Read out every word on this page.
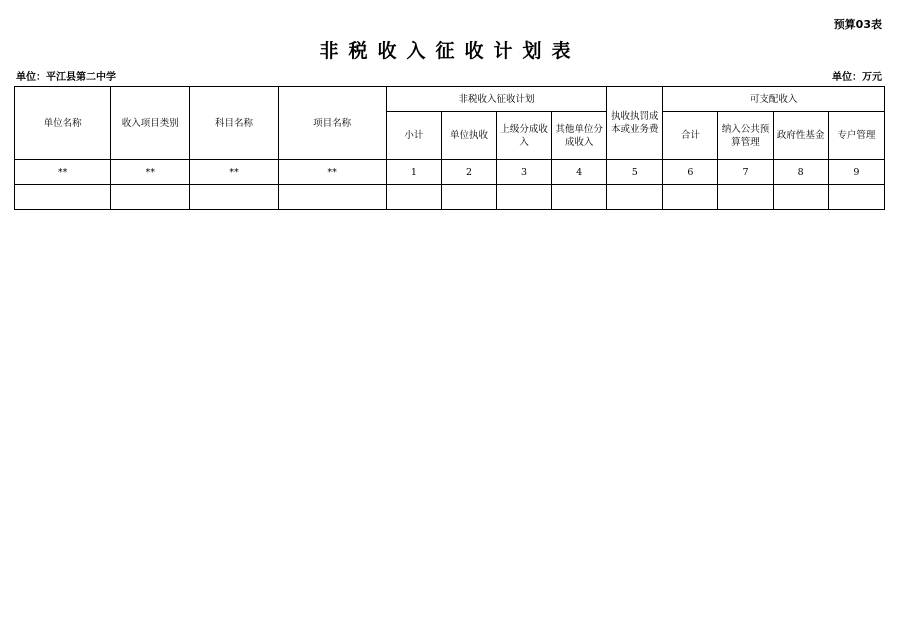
预算03表
非税收入征收计划表
单位：平江县第二中学	单位：万元
单位名称	收入项目类别	科目名称	项目名称	非税收入征收计划				执收执罚成本或业务费	可支配收入			
				小计	单位执收	上级分成收入	其他单位分成收入		合计	纳入公共预算管理	政府性基金	专户管理
**	**	**	**	1	2	3	4	5	6	7	8	9
